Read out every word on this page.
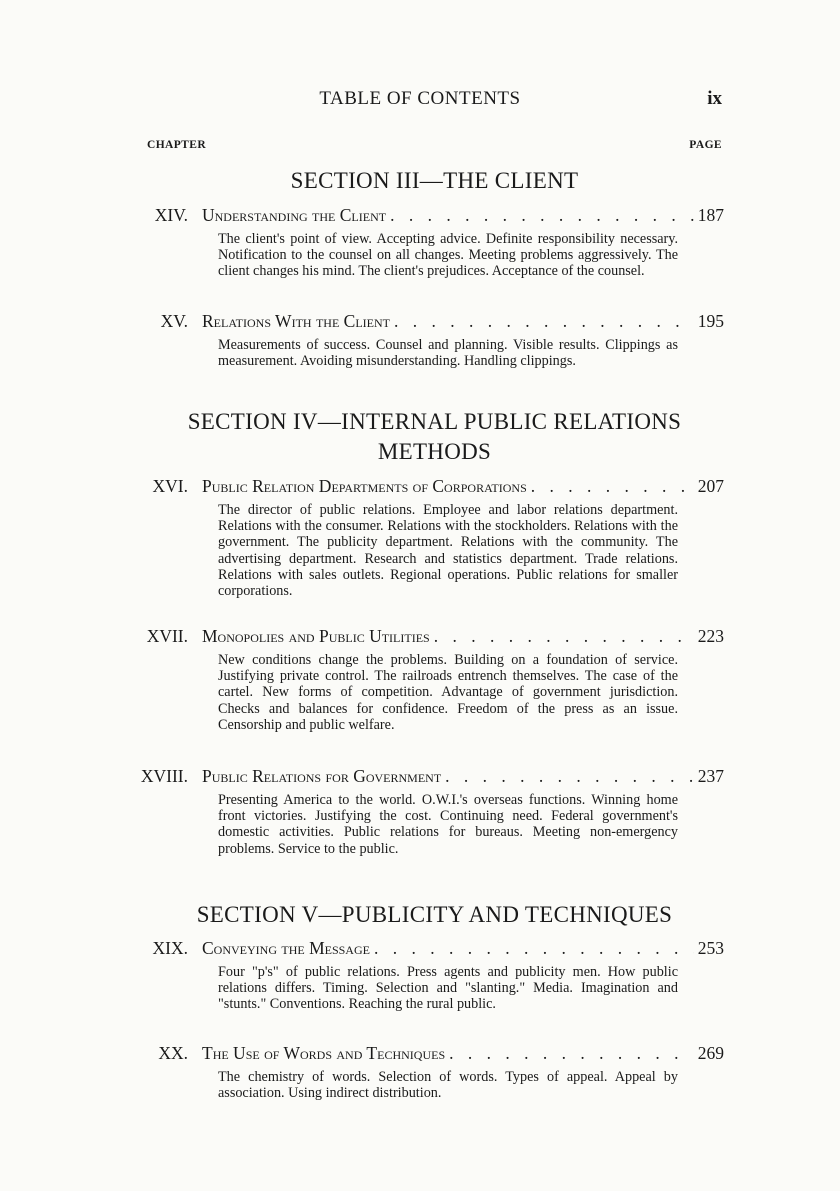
TABLE OF CONTENTS	ix
CHAPTER	PAGE
SECTION III—THE CLIENT
XIV. Understanding the Client . . .	187
The client's point of view. Accepting advice. Definite responsibility necessary. Notification to the counsel on all changes. Meeting problems aggressively. The client changes his mind. The client's prejudices. Acceptance of the counsel.
XV. Relations With the Client . . .	195
Measurements of success. Counsel and planning. Visible results. Clippings as measurement. Avoiding misunderstanding. Handling clippings.
SECTION IV—INTERNAL PUBLIC RELATIONS
METHODS
XVI. Public Relation Departments of Corporations . . .	207
The director of public relations. Employee and labor relations department. Relations with the consumer. Relations with the stockholders. Relations with the government. The publicity department. Relations with the community. The advertising department. Research and statistics department. Trade relations. Relations with sales outlets. Regional operations. Public relations for smaller corporations.
XVII. Monopolies and Public Utilities . . .	223
New conditions change the problems. Building on a foundation of service. Justifying private control. The railroads entrench themselves. The case of the cartel. New forms of competition. Advantage of government jurisdiction. Checks and balances for confidence. Freedom of the press as an issue. Censorship and public welfare.
XVIII. Public Relations for Government . . .	237
Presenting America to the world. O.W.I.'s overseas functions. Winning home front victories. Justifying the cost. Continuing need. Federal government's domestic activities. Public relations for bureaus. Meeting non-emergency problems. Service to the public.
SECTION V—PUBLICITY AND TECHNIQUES
XIX. Conveying the Message . . .	253
Four "p's" of public relations. Press agents and publicity men. How public relations differs. Timing. Selection and "slanting." Media. Imagination and "stunts." Conventions. Reaching the rural public.
XX. The Use of Words and Techniques . . .	269
The chemistry of words. Selection of words. Types of appeal. Appeal by association. Using indirect distribution.
